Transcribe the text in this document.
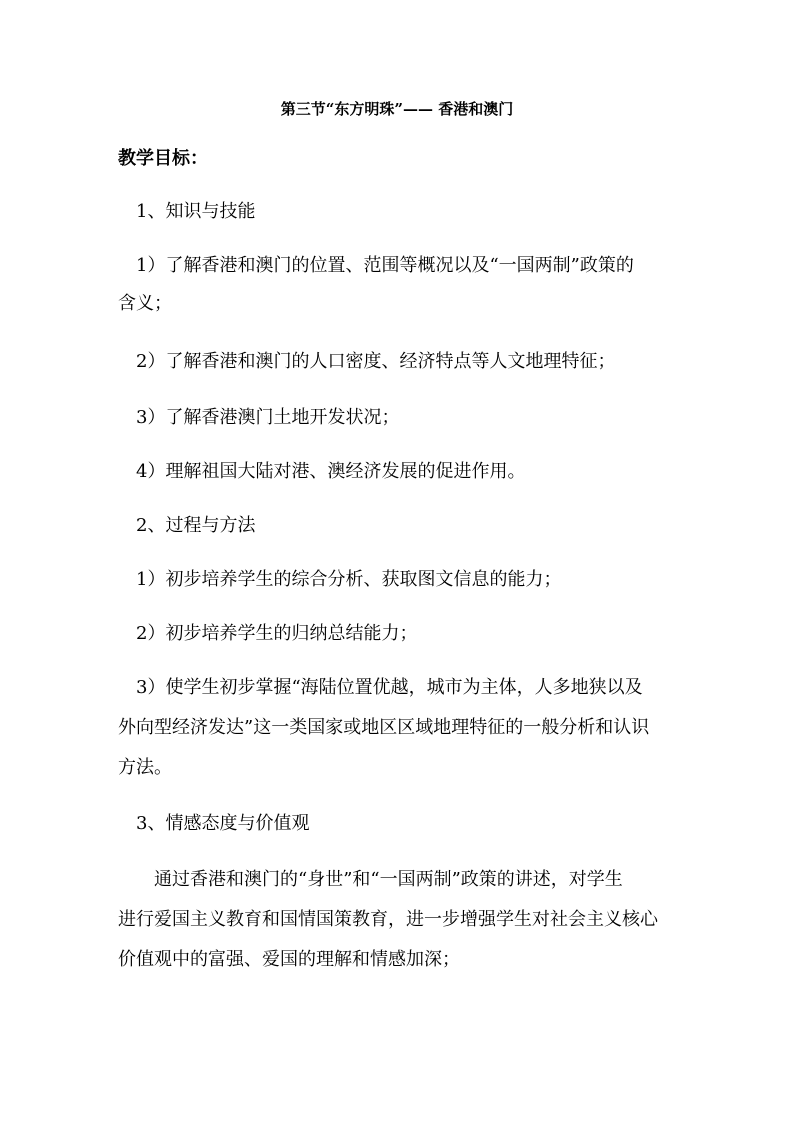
第三节“东方明珠”—— 香港和澳门
教学目标：
1、知识与技能
1）了解香港和澳门的位置、范围等概况以及“一国两制”政策的
含义；
2）了解香港和澳门的人口密度、经济特点等人文地理特征；
3）了解香港澳门土地开发状况；
4）理解祖国大陆对港、澳经济发展的促进作用。
2、过程与方法
1）初步培养学生的综合分析、获取图文信息的能力；
2）初步培养学生的归纳总结能力；
3）使学生初步掌握“海陆位置优越，城市为主体，人多地狭以及
外向型经济发达”这一类国家或地区区域地理特征的一般分析和认识
方法。
3、情感态度与价值观
通过香港和澳门的“身世”和“一国两制”政策的讲述，对学生
进行爱国主义教育和国情国策教育，进一步增强学生对社会主义核心
价值观中的富强、爱国的理解和情感加深；
